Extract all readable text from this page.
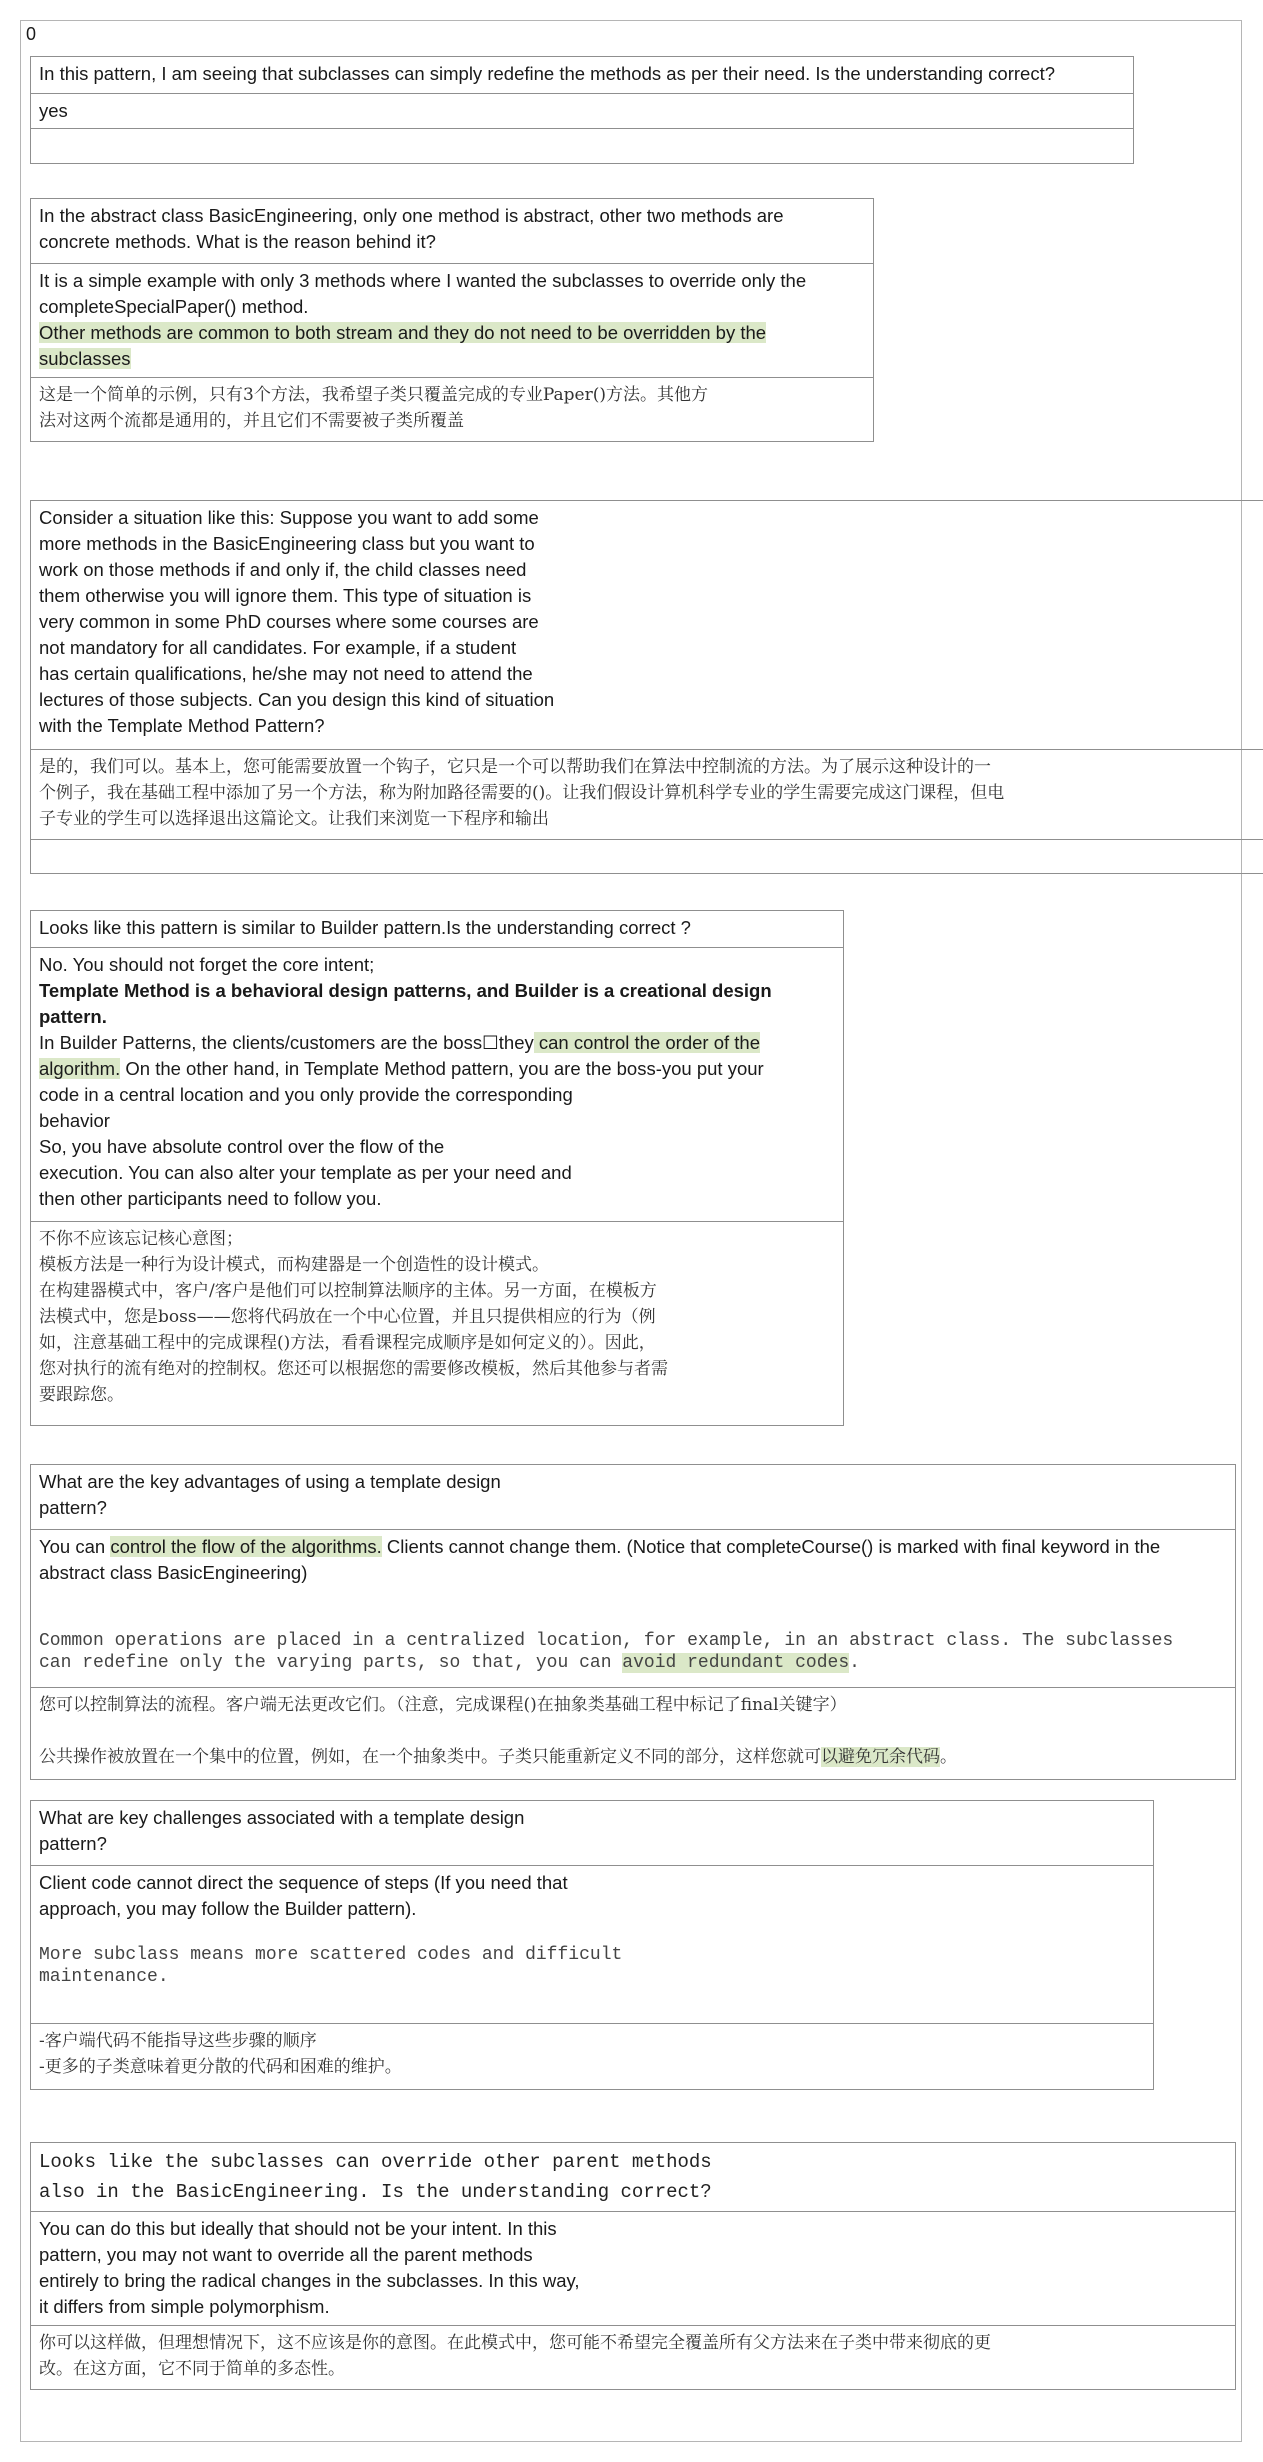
0
In this pattern, I am seeing that subclasses can simply redefine the methods as per their need. Is the understanding correct?
yes
In the abstract class BasicEngineering, only one method is abstract, other two methods are
concrete methods. What is the reason behind it?
It is a simple example with only 3 methods where I wanted the subclasses to override only the
completeSpecialPaper() method.
Other methods are common to both stream and they do not need to be overridden by the
subclasses
这是一个简单的示例，只有3个方法，我希望子类只覆盖完成的专业Paper()方法。其他方
法对这两个流都是通用的，并且它们不需要被子类所覆盖
Consider a situation like this: Suppose you want to add some
more methods in the BasicEngineering class but you want to
work on those methods if and only if, the child classes need
them otherwise you will ignore them. This type of situation is
very common in some PhD courses where some courses are
not mandatory for all candidates. For example, if a student
has certain qualifications, he/she may not need to attend the
lectures of those subjects. Can you design this kind of situation
with the Template Method Pattern?
是的，我们可以。基本上，您可能需要放置一个钩子，它只是一个可以帮助我们在算法中控制流的方法。为了展示这种设计的一
个例子，我在基础工程中添加了另一个方法，称为附加路径需要的()。让我们假设计算机科学专业的学生需要完成这门课程，但电
子专业的学生可以选择退出这篇论文。让我们来浏览一下程序和输出
Looks like this pattern is similar to Builder pattern.Is the understanding correct ?
No. You should not forget the core intent;
Template Method is a behavioral design patterns, and Builder is a creational design
pattern.
In Builder Patterns, the clients/customers are the boss☐they can control the order of the
algorithm. On the other hand, in Template Method pattern, you are the boss-you put your
code in a central location and you only provide the corresponding
behavior
So, you have absolute control over the flow of the
execution. You can also alter your template as per your need and
then other participants need to follow you.
不你不应该忘记核心意图；
模板方法是一种行为设计模式，而构建器是一个创造性的设计模式。
在构建器模式中，客户/客户是他们可以控制算法顺序的主体。另一方面，在模板方
法模式中，您是boss——您将代码放在一个中心位置，并且只提供相应的行为（例
如，注意基础工程中的完成课程()方法，看看课程完成顺序是如何定义的）。因此，
您对执行的流有绝对的控制权。您还可以根据您的需要修改模板，然后其他参与者需
要跟踪您。
What are the key advantages of using a template design
pattern?
You can control the flow of the algorithms. Clients cannot change them. (Notice that completeCourse() is marked with final keyword in the
abstract class BasicEngineering)
Common operations are placed in a centralized location, for example, in an abstract class. The subclasses
can redefine only the varying parts, so that, you can avoid redundant codes.
您可以控制算法的流程。客户端无法更改它们。（注意，完成课程()在抽象类基础工程中标记了final关键字）
公共操作被放置在一个集中的位置，例如，在一个抽象类中。子类只能重新定义不同的部分，这样您就可以避免冗余代码。
What are key challenges associated with a template design
pattern?
Client code cannot direct the sequence of steps (If you need that
approach, you may follow the Builder pattern).
More subclass means more scattered codes and difficult
maintenance.
-客户端代码不能指导这些步骤的顺序
-更多的子类意味着更分散的代码和困难的维护。
Looks like the subclasses can override other parent methods
also in the BasicEngineering. Is the understanding correct?
You can do this but ideally that should not be your intent. In this
pattern, you may not want to override all the parent methods
entirely to bring the radical changes in the subclasses. In this way,
it differs from simple polymorphism.
你可以这样做，但理想情况下，这不应该是你的意图。在此模式中，您可能不希望完全覆盖所有父方法来在子类中带来彻底的更
改。在这方面，它不同于简单的多态性。
